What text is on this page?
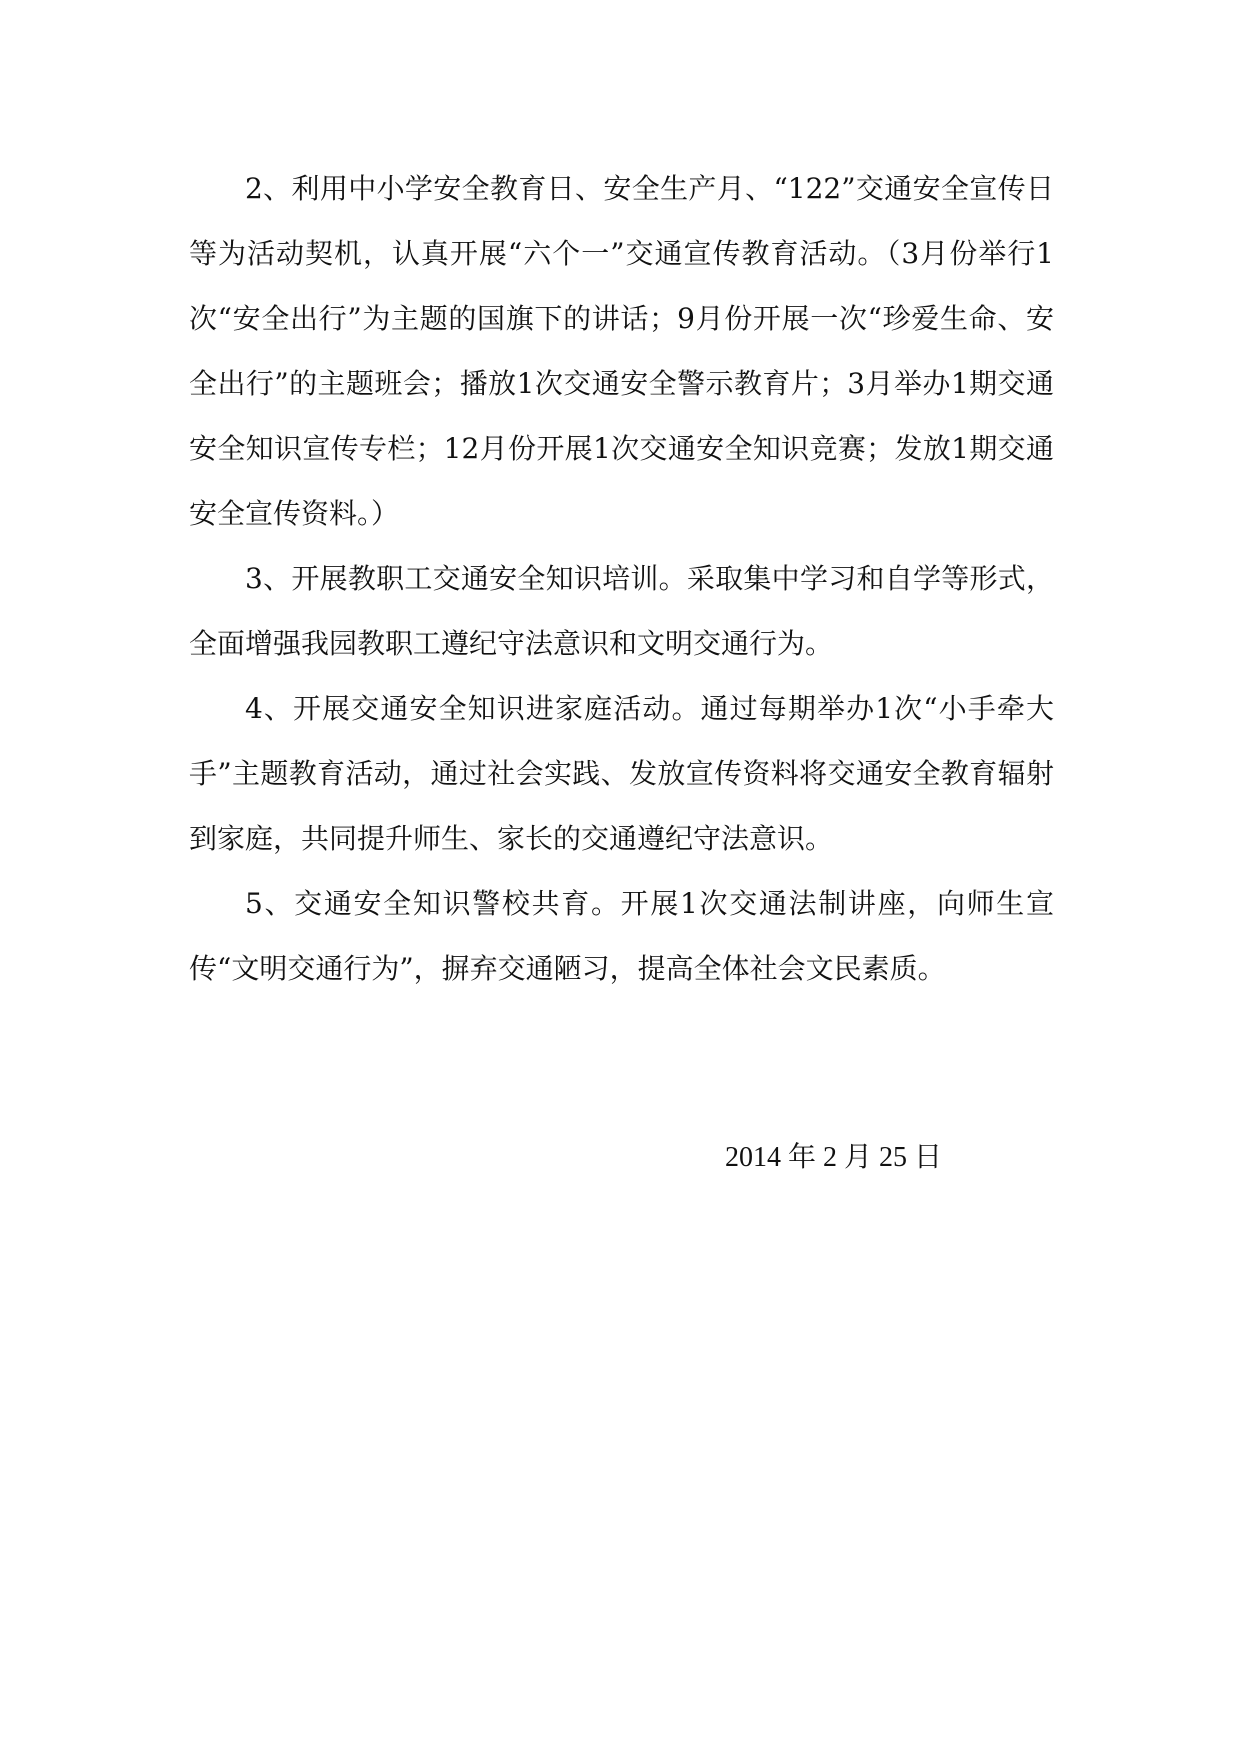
2、利用中小学安全教育日、安全生产月、“122”交通安全宣传日等为活动契机，认真开展“六个一”交通宣传教育活动。（3月份举行1次“安全出行”为主题的国旗下的讲话；9月份开展一次“珍爱生命、安全出行”的主题班会；播放1次交通安全警示教育片；3月举办1期交通安全知识宣传专栏；12月份开展1次交通安全知识竞赛；发放1期交通安全宣传资料。）

3、开展教职工交通安全知识培训。采取集中学习和自学等形式，全面增强我园教职工遵纪守法意识和文明交通行为。

4、开展交通安全知识进家庭活动。通过每期举办1次“小手牵大手”主题教育活动，通过社会实践、发放宣传资料将交通安全教育辐射到家庭，共同提升师生、家长的交通遵纪守法意识。

5、交通安全知识警校共育。开展1次交通法制讲座，向师生宣传“文明交通行为”，摒弃交通陋习，提高全体社会文民素质。

2014 年 2 月 25 日
